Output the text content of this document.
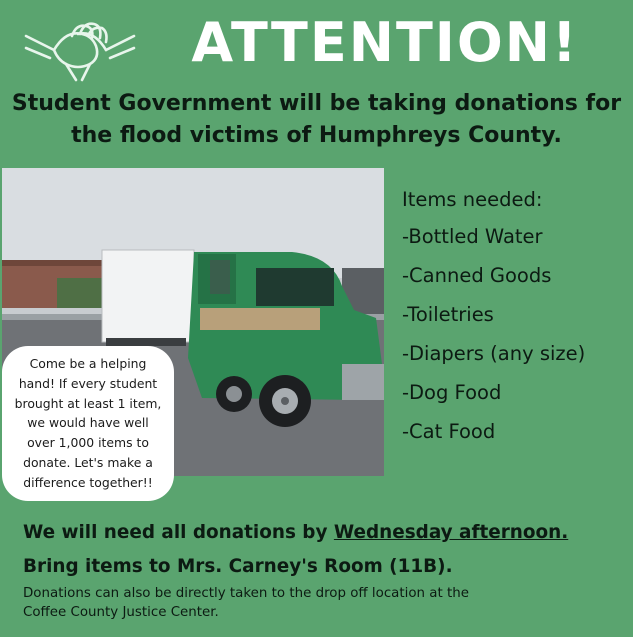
ATTENTION!
Student Government will be taking donations for
the flood victims of Humphreys County.
Items needed:
-Bottled Water
-Canned Goods
-Toiletries
-Diapers (any size)
-Dog Food
-Cat Food
Come be a helping
hand! If every student
brought at least 1 item,
we would have well
over 1,000 items to
donate. Let's make a
difference together!!
We will need all donations by Wednesday afternoon.
Bring items to Mrs. Carney's Room (11B).
Donations can also be directly taken to the drop off location at the
Coffee County Justice Center.
